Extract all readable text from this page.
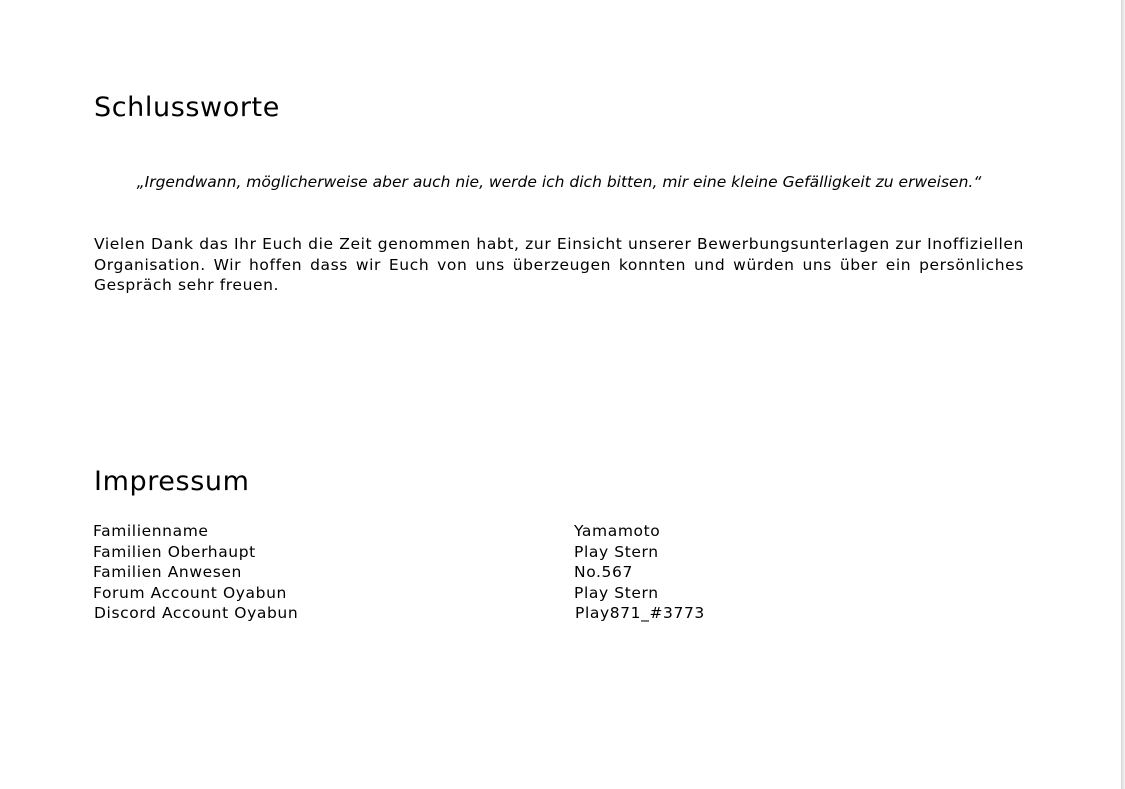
Schlussworte

„Irgendwann, möglicherweise aber auch nie, werde ich dich bitten, mir eine kleine Gefälligkeit zu erweisen.“

Vielen Dank das Ihr Euch die Zeit genommen habt, zur Einsicht unserer Bewerbungsunterlagen zur Inoffiziellen Organisation. Wir hoffen dass wir Euch von uns überzeugen konnten und würden uns über ein persönliches Gespräch sehr freuen.

Impressum
Familienname	Yamamoto
Familien Oberhaupt	Play Stern
Familien Anwesen	No.567
Forum Account Oyabun	Play Stern
Discord Account Oyabun	Play871_#3773
